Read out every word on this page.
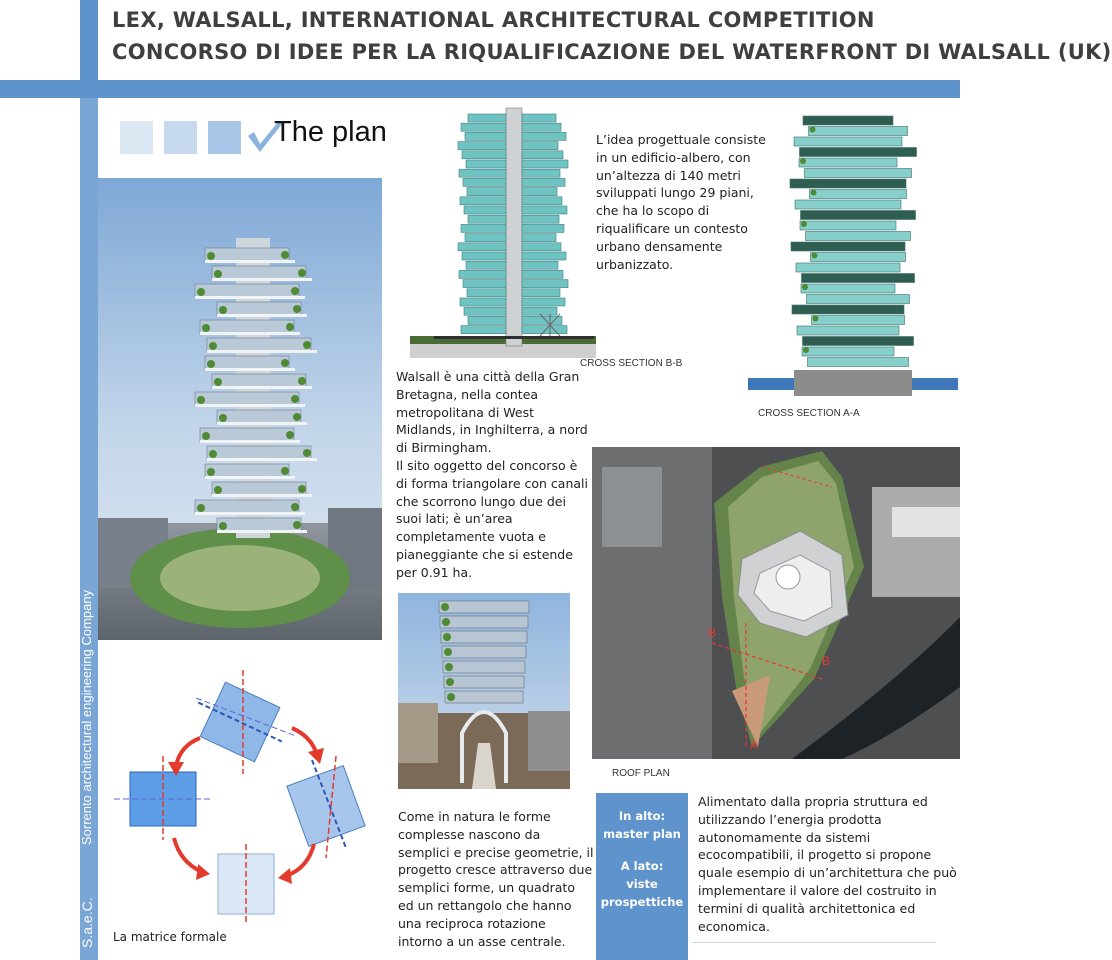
LEX, WALSALL, INTERNATIONAL ARCHITECTURAL COMPETITION
CONCORSO DI IDEE PER LA RIQUALIFICAZIONE DEL WATERFRONT DI WALSALL (UK)
Sorrento architectural engineering Company
S.a.e.C.
The plan
CROSS SECTION B-B
L’idea progettuale consiste in un edificio-albero, con un’altezza di 140 metri sviluppati lungo 29 piani, che ha lo scopo di riqualificare un contesto urbano densamente urbanizzato.
CROSS SECTION A-A
Walsall è una città della Gran Bretagna, nella contea metropolitana di West Midlands, in Inghilterra, a nord di Birmingham.
Il sito oggetto del concorso è di forma triangolare con canali che scorrono lungo due dei suoi lati; è un’area completamente vuota e pianeggiante che si estende per 0.91 ha.
B
B
A
ROOF PLAN
La matrice formale
Come in natura le forme complesse nascono da semplici e precise geometrie, il progetto cresce attraverso due semplici forme, un quadrato ed un rettangolo che hanno una reciproca rotazione intorno a un asse centrale.
In alto:
master plan
A lato:
viste
prospettiche
Alimentato dalla propria struttura ed utilizzando l’energia prodotta autonomamente da sistemi ecocompatibili, il progetto si propone quale esempio di un’architettura che può implementare il valore del costruito in termini di qualità architettonica ed economica.
